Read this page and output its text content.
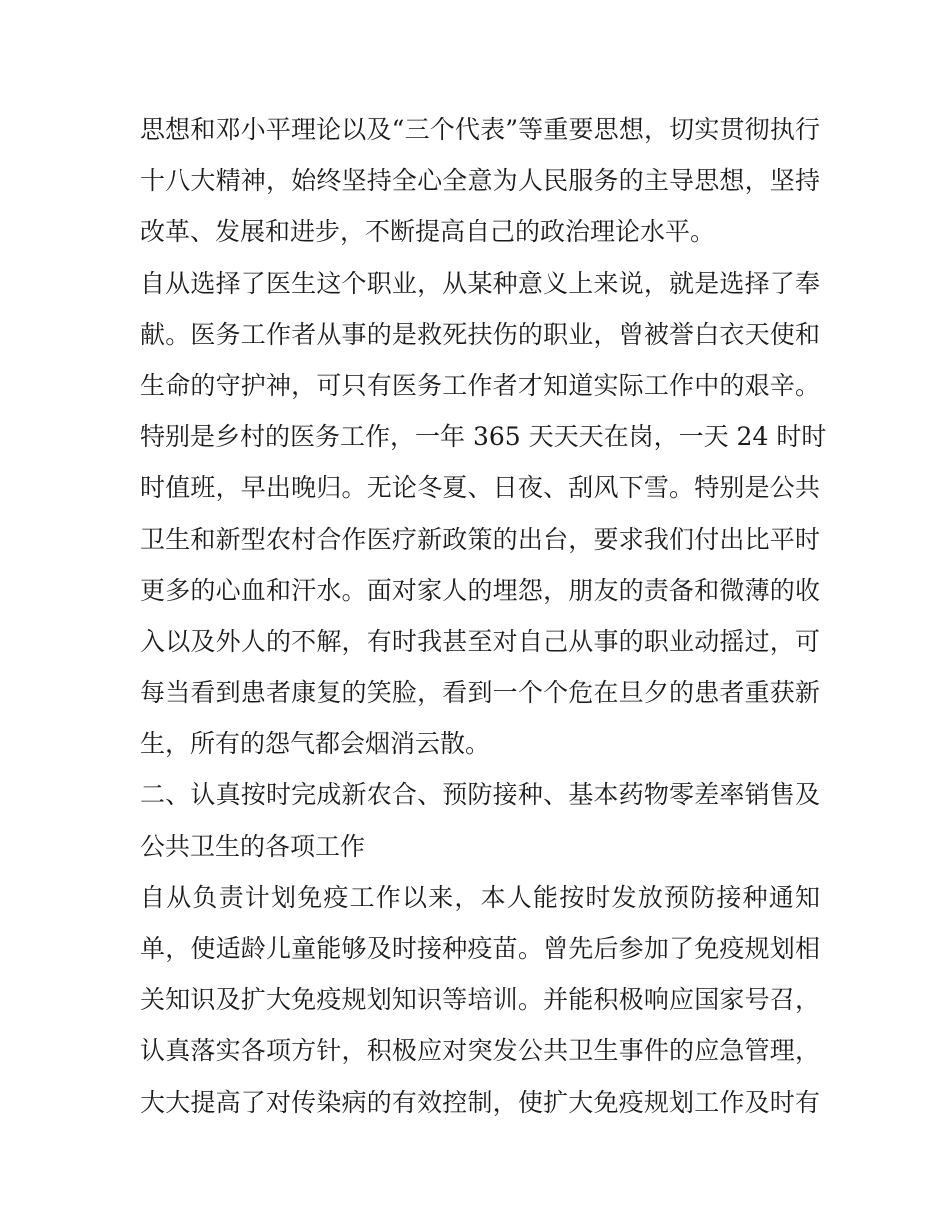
思想和邓小平理论以及“三个代表”等重要思想，切实贯彻执行
十八大精神，始终坚持全心全意为人民服务的主导思想，坚持
改革、发展和进步，不断提高自己的政治理论水平。
自从选择了医生这个职业，从某种意义上来说，就是选择了奉
献。医务工作者从事的是救死扶伤的职业，曾被誉白衣天使和
生命的守护神，可只有医务工作者才知道实际工作中的艰辛。
特别是乡村的医务工作，一年 365 天天天在岗，一天 24 时时
时值班，早出晚归。无论冬夏、日夜、刮风下雪。特别是公共
卫生和新型农村合作医疗新政策的出台，要求我们付出比平时
更多的心血和汗水。面对家人的埋怨，朋友的责备和微薄的收
入以及外人的不解，有时我甚至对自己从事的职业动摇过，可
每当看到患者康复的笑脸，看到一个个危在旦夕的患者重获新
生，所有的怨气都会烟消云散。
二、认真按时完成新农合、预防接种、基本药物零差率销售及
公共卫生的各项工作
自从负责计划免疫工作以来，本人能按时发放预防接种通知
单，使适龄儿童能够及时接种疫苗。曾先后参加了免疫规划相
关知识及扩大免疫规划知识等培训。并能积极响应国家号召，
认真落实各项方针，积极应对突发公共卫生事件的应急管理，
大大提高了对传染病的有效控制，使扩大免疫规划工作及时有
